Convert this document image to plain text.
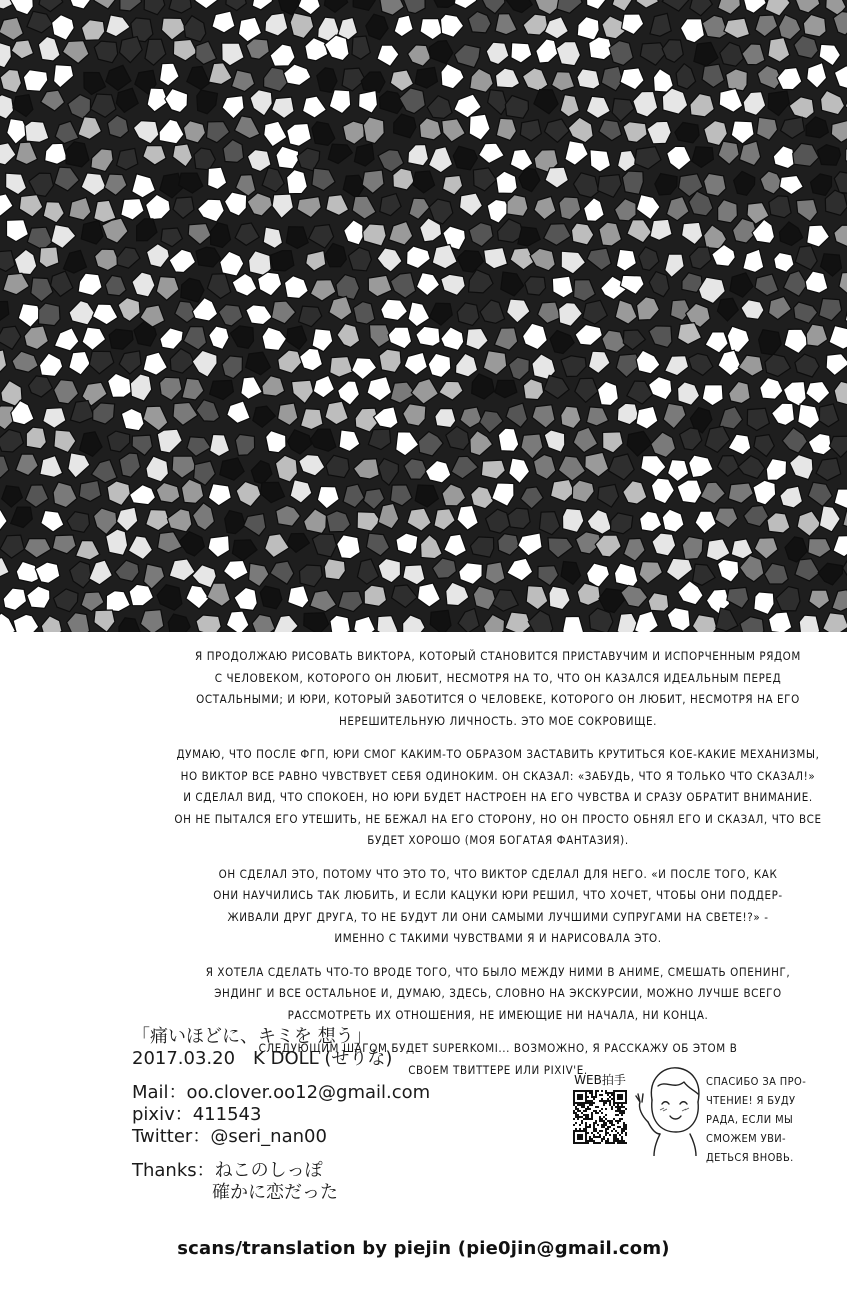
Я ПРОДОЛЖАЮ РИСОВАТЬ ВИКТОРА, КОТОРЫЙ СТАНОВИТСЯ ПРИСТАВУЧИМ И ИСПОРЧЕННЫМ РЯДОМ
С ЧЕЛОВЕКОМ, КОТОРОГО ОН ЛЮБИТ, НЕСМОТРЯ НА ТО, ЧТО ОН КАЗАЛСЯ ИДЕАЛЬНЫМ ПЕРЕД
ОСТАЛЬНЫМИ; И ЮРИ, КОТОРЫЙ ЗАБОТИТСЯ О ЧЕЛОВЕКЕ, КОТОРОГО ОН ЛЮБИТ, НЕСМОТРЯ НА ЕГО
НЕРЕШИТЕЛЬНУЮ ЛИЧНОСТЬ. ЭТО МОЕ СОКРОВИЩЕ.

ДУМАЮ, ЧТО ПОСЛЕ ФГП, ЮРИ СМОГ КАКИМ-ТО ОБРАЗОМ ЗАСТАВИТЬ КРУТИТЬСЯ КОЕ-КАКИЕ МЕХАНИЗМЫ,
НО ВИКТОР ВСЕ РАВНО ЧУВСТВУЕТ СЕБЯ ОДИНОКИМ. ОН СКАЗАЛ: «ЗАБУДЬ, ЧТО Я ТОЛЬКО ЧТО СКАЗАЛ!»
И СДЕЛАЛ ВИД, ЧТО СПОКОЕН, НО ЮРИ БУДЕТ НАСТРОЕН НА ЕГО ЧУВСТВА И СРАЗУ ОБРАТИТ ВНИМАНИЕ.
ОН НЕ ПЫТАЛСЯ ЕГО УТЕШИТЬ, НЕ БЕЖАЛ НА ЕГО СТОРОНУ, НО ОН ПРОСТО ОБНЯЛ ЕГО И СКАЗАЛ, ЧТО ВСЕ
БУДЕТ ХОРОШО (МОЯ БОГАТАЯ ФАНТАЗИЯ).

ОН СДЕЛАЛ ЭТО, ПОТОМУ ЧТО ЭТО ТО, ЧТО ВИКТОР СДЕЛАЛ ДЛЯ НЕГО. «И ПОСЛЕ ТОГО, КАК
ОНИ НАУЧИЛИСЬ ТАК ЛЮБИТЬ, И ЕСЛИ КАЦУКИ ЮРИ РЕШИЛ, ЧТО ХОЧЕТ, ЧТОБЫ ОНИ ПОДДЕР-
ЖИВАЛИ ДРУГ ДРУГА, ТО НЕ БУДУТ ЛИ ОНИ САМЫМИ ЛУЧШИМИ СУПРУГАМИ НА СВЕТЕ!?» -
ИМЕННО С ТАКИМИ ЧУВСТВАМИ Я И НАРИСОВАЛА ЭТО.

Я ХОТЕЛА СДЕЛАТЬ ЧТО-ТО ВРОДЕ ТОГО, ЧТО БЫЛО МЕЖДУ НИМИ В АНИМЕ, СМЕШАТЬ ОПЕНИНГ,
ЭНДИНГ И ВСЕ ОСТАЛЬНОЕ И, ДУМАЮ, ЗДЕСЬ, СЛОВНО НА ЭКСКУРСИИ, МОЖНО ЛУЧШЕ ВСЕГО
РАССМОТРЕТЬ ИХ ОТНОШЕНИЯ, НЕ ИМЕЮЩИЕ НИ НАЧАЛА, НИ КОНЦА.

СЛЕДУЮЩИМ ШАГОМ БУДЕТ SUPERKOMI... ВОЗМОЖНО, Я РАССКАЖУ ОБ ЭТОМ В
СВОЕМ ТВИТТЕРЕ ИЛИ PIXIV'Е.

「痛いほどに、キミを 想う」
2017.03.20　K DOLL (せりな)
Mail：oo.clover.oo12@gmail.com
pixiv：411543
Twitter：@seri_nan00
Thanks：ねこのしっぽ
確かに恋だった
WEB拍手	СПАСИБО ЗА ПРО-
ЧТЕНИЕ! Я БУДУ
РАДА, ЕСЛИ МЫ
СМОЖЕМ УВИ-
ДЕТЬСЯ ВНОВЬ.
scans/translation by piejin (pie0jin@gmail.com)
